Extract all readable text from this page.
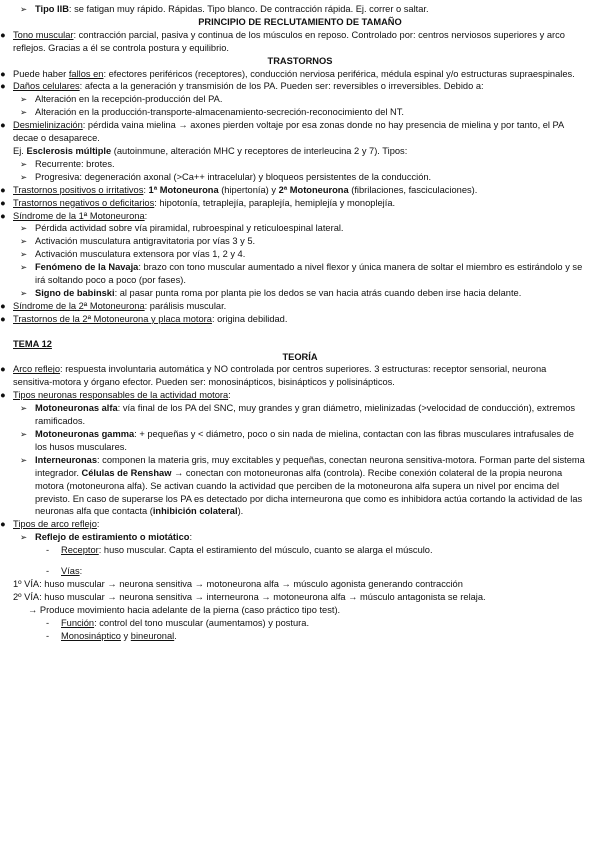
➢ Tipo IIB: se fatigan muy rápido. Rápidas. Tipo blanco. De contracción rápida. Ej. correr o saltar.
PRINCIPIO DE RECLUTAMIENTO DE TAMAÑO
● Tono muscular: contracción parcial, pasiva y continua de los músculos en reposo. Controlado por: centros nerviosos superiores y arco reflejos. Gracias a él se controla postura y equilibrio.
TRASTORNOS
● Puede haber fallos en: efectores periféricos (receptores), conducción nerviosa periférica, médula espinal y/o estructuras supraespinales.
● Daños celulares: afecta a la generación y transmisión de los PA. Pueden ser: reversibles o irreversibles. Debido a:
➢ Alteración en la recepción-producción del PA.
➢ Alteración en la producción-transporte-almacenamiento-secreción-reconocimiento del NT.
● Desmielinización: pérdida vaina mielina → axones pierden voltaje por esa zonas donde no hay presencia de mielina y por tanto, el PA decae o desaparece.
Ej. Esclerosis múltiple (autoinmune, alteración MHC y receptores de interleucina 2 y 7). Tipos:
➢ Recurrente: brotes.
➢ Progresiva: degeneración axonal (>Ca++ intracelular) y bloqueos persistentes de la conducción.
● Trastornos positivos o irritativos: 1ª Motoneurona (hipertonía) y 2ª Motoneurona (fibrilaciones, fasciculaciones).
● Trastornos negativos o deficitarios: hipotonía, tetraplejía, paraplejía, hemiplejía y monoplejía.
● Síndrome de la 1ª Motoneurona:
➢ Pérdida actividad sobre vía piramidal, rubroespinal y reticuloespinal lateral.
➢ Activación musculatura antigravitatoria por vías 3 y 5.
➢ Activación musculatura extensora por vías 1, 2 y 4.
➢ Fenómeno de la Navaja: brazo con tono muscular aumentado a nivel flexor y única manera de soltar el miembro es estirándolo y se irá soltando poco a poco (por fases).
➢ Signo de babinski: al pasar punta roma por planta pie los dedos se van hacia atrás cuando deben irse hacia delante.
● Síndrome de la 2ª Motoneurona: parálisis muscular.
● Trastornos de la 2ª Motoneurona y placa motora: origina debilidad.
TEMA 12
TEORÍA
● Arco reflejo: respuesta involuntaria automática y NO controlada por centros superiores. 3 estructuras: receptor sensorial, neurona sensitiva-motora y órgano efector. Pueden ser: monosinápticos, bisinápticos y polisinápticos.
● Tipos neuronas responsables de la actividad motora:
➢ Motoneuronas alfa: vía final de los PA del SNC, muy grandes y gran diámetro, mielinizadas (>velocidad de conducción), extremos ramificados.
➢ Motoneuronas gamma: + pequeñas y < diámetro, poco o sin nada de mielina, contactan con las fibras musculares intrafusales de los husos musculares.
➢ Interneuronas: componen la materia gris, muy excitables y pequeñas, conectan neurona sensitiva-motora. Forman parte del sistema integrador. Células de Renshaw → conectan con motoneuronas alfa (controla). Recibe conexión colateral de la propia neurona motora (motoneurona alfa). Se activan cuando la actividad que perciben de la motoneurona alfa supera un nivel por encima del previsto. En caso de superarse los PA es detectado por dicha interneurona que como es inhibidora actúa cortando la actividad de las neuronas alfa que contacta (inhibición colateral).
● Tipos de arco reflejo:
➢ Reflejo de estiramiento o miotático:
- Receptor: huso muscular. Capta el estiramiento del músculo, cuanto se alarga el músculo.
- Vías:
1º VÍA: huso muscular → neurona sensitiva → motoneurona alfa → músculo agonista generando contracción
2º VÍA: huso muscular → neurona sensitiva → interneurona → motoneurona alfa → músculo antagonista se relaja.
→ Produce movimiento hacia adelante de la pierna (caso práctico tipo test).
- Función: control del tono muscular (aumentamos) y postura.
- Monosináptico y bineuronal.
